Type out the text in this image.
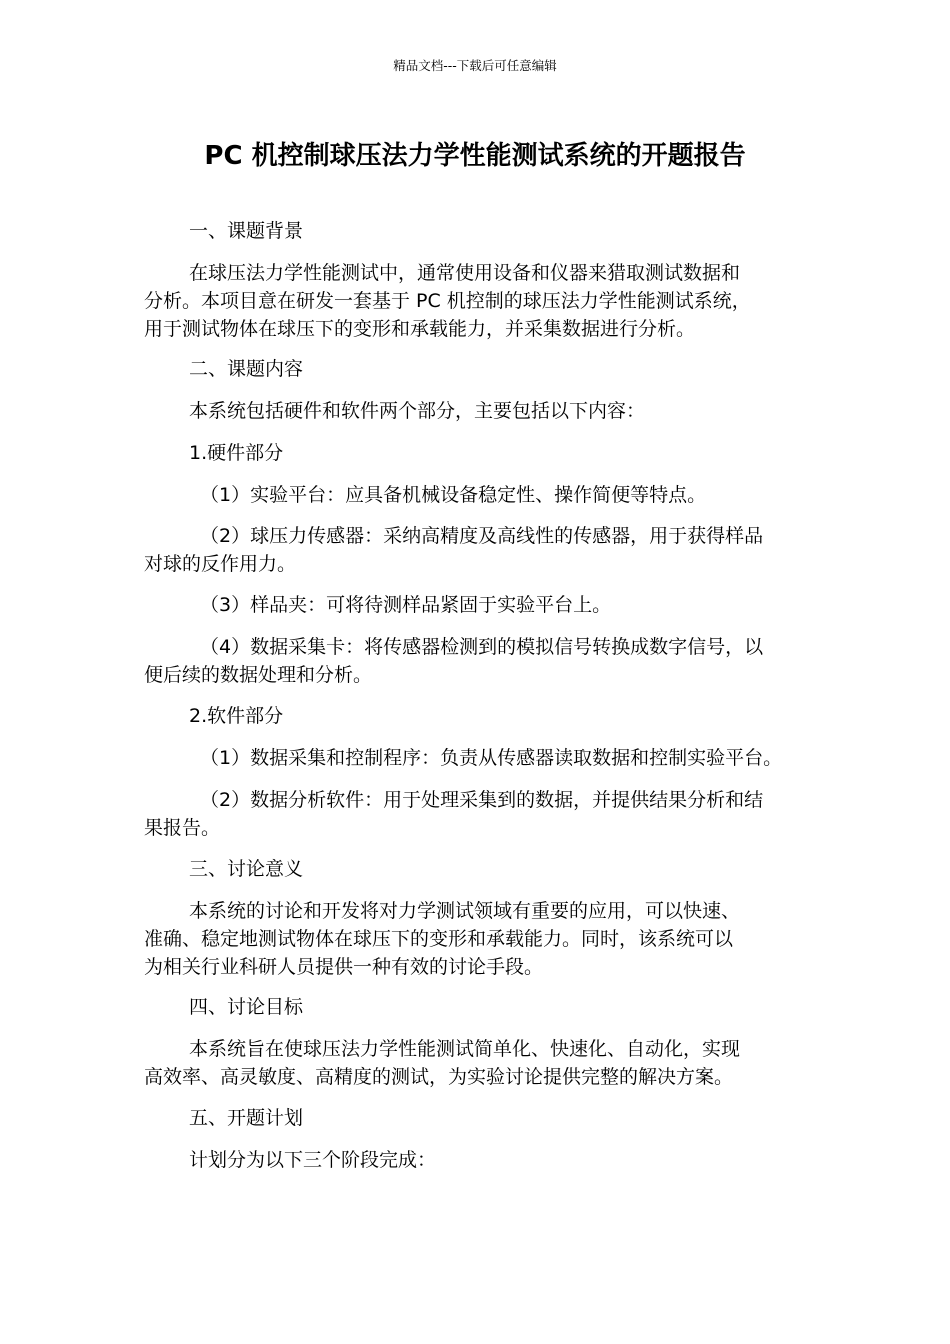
精品文档---下载后可任意编辑
PC 机控制球压法力学性能测试系统的开题报告

一、课题背景

在球压法力学性能测试中，通常使用设备和仪器来猎取测试数据和
分析。本项目意在研发一套基于 PC 机控制的球压法力学性能测试系统，
用于测试物体在球压下的变形和承载能力，并采集数据进行分析。

二、课题内容

本系统包括硬件和软件两个部分，主要包括以下内容：

1.硬件部分

（1）实验平台：应具备机械设备稳定性、操作简便等特点。

（2）球压力传感器：采纳高精度及高线性的传感器，用于获得样品
对球的反作用力。

（3）样品夹：可将待测样品紧固于实验平台上。

（4）数据采集卡：将传感器检测到的模拟信号转换成数字信号，以
便后续的数据处理和分析。

2.软件部分

（1）数据采集和控制程序：负责从传感器读取数据和控制实验平台。

（2）数据分析软件：用于处理采集到的数据，并提供结果分析和结
果报告。

三、讨论意义

本系统的讨论和开发将对力学测试领域有重要的应用，可以快速、
准确、稳定地测试物体在球压下的变形和承载能力。同时，该系统可以
为相关行业科研人员提供一种有效的讨论手段。

四、讨论目标

本系统旨在使球压法力学性能测试简单化、快速化、自动化，实现
高效率、高灵敏度、高精度的测试，为实验讨论提供完整的解决方案。

五、开题计划

计划分为以下三个阶段完成：
